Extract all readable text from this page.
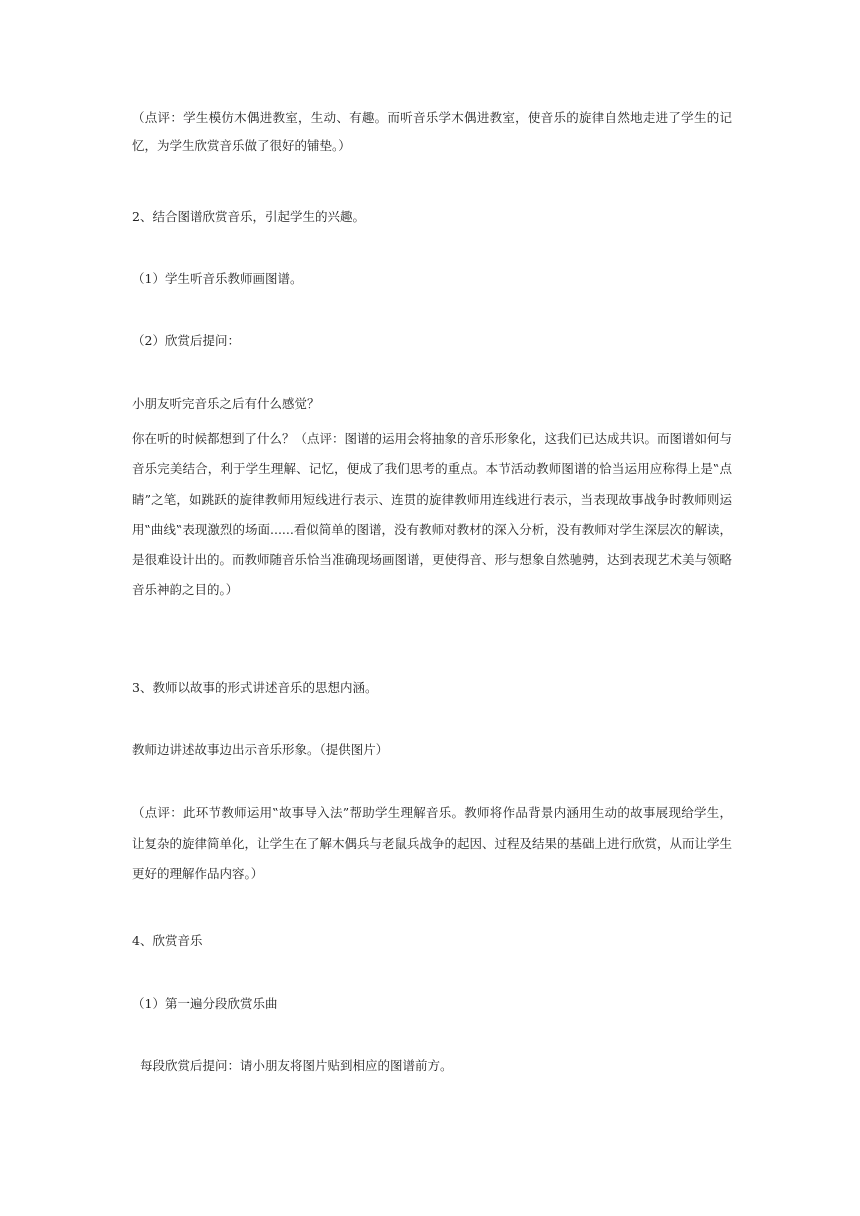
（点评：学生模仿木偶进教室，生动、有趣。而听音乐学木偶进教室，使音乐的旋律自然地走进了学生的记忆，为学生欣赏音乐做了很好的铺垫。）

2、结合图谱欣赏音乐，引起学生的兴趣。

（1）学生听音乐教师画图谱。

（2）欣赏后提问：

小朋友听完音乐之后有什么感觉？

你在听的时候都想到了什么？（点评：图谱的运用会将抽象的音乐形象化，这我们已达成共识。而图谱如何与音乐完美结合，利于学生理解、记忆，便成了我们思考的重点。本节活动教师图谱的恰当运用应称得上是‟点睛”之笔，如跳跃的旋律教师用短线进行表示、连贯的旋律教师用连线进行表示，当表现故事战争时教师则运用‟曲线‟表现激烈的场面......看似简单的图谱，没有教师对教材的深入分析，没有教师对学生深层次的解读，是很难设计出的。而教师随音乐恰当准确现场画图谱，更使得音、形与想象自然驰骋，达到表现艺术美与领略音乐神韵之目的。）

3、教师以故事的形式讲述音乐的思想内涵。

教师边讲述故事边出示音乐形象。（提供图片）

（点评：此环节教师运用‟故事导入法”帮助学生理解音乐。教师将作品背景内涵用生动的故事展现给学生，让复杂的旋律简单化，让学生在了解木偶兵与老鼠兵战争的起因、过程及结果的基础上进行欣赏，从而让学生更好的理解作品内容。）

4、欣赏音乐

（1）第一遍分段欣赏乐曲

每段欣赏后提问：请小朋友将图片贴到相应的图谱前方。
